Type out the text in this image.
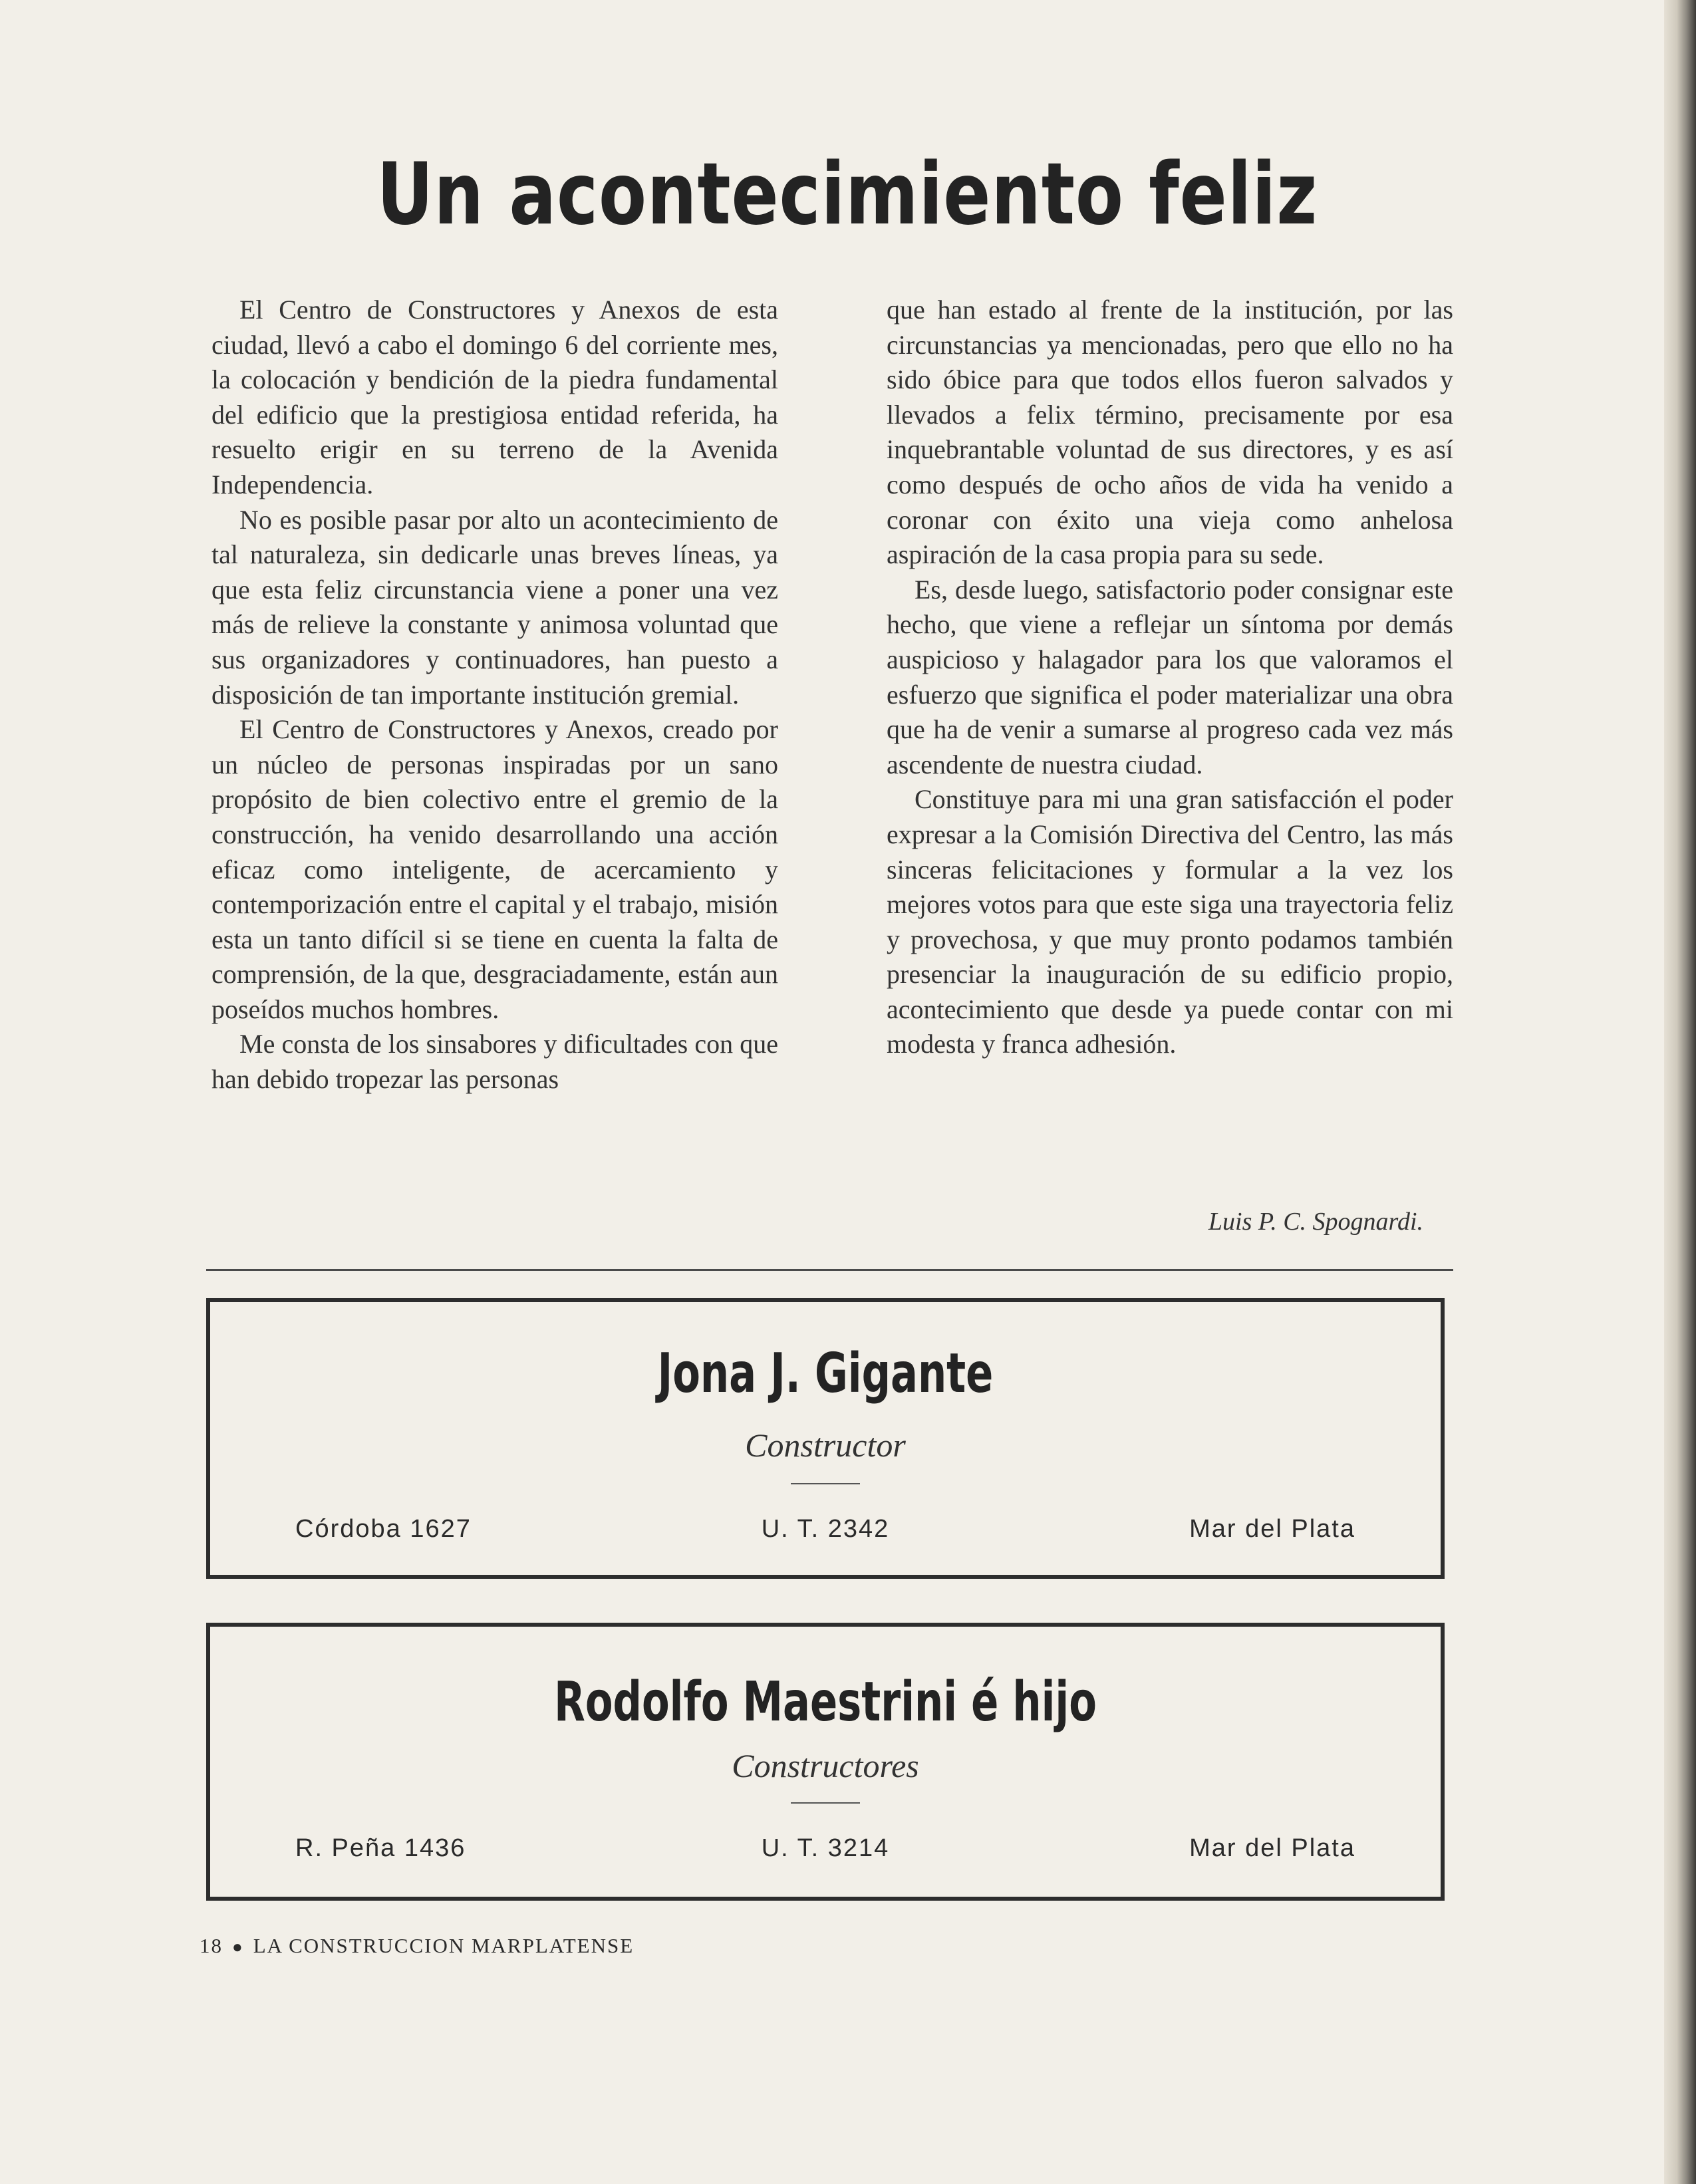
Un acontecimiento feliz

El Centro de Constructores y Anexos de esta ciudad, llevó a cabo el domingo 6 del corriente mes, la colocación y bendición de la piedra fundamental del edificio que la prestigiosa entidad referida, ha resuelto erigir en su terreno de la Avenida Independencia.

No es posible pasar por alto un acontecimiento de tal naturaleza, sin dedicarle unas breves líneas, ya que esta feliz circunstancia viene a poner una vez más de relieve la constante y animosa voluntad que sus organizadores y continuadores, han puesto a disposición de tan importante institución gremial.

El Centro de Constructores y Anexos, creado por un núcleo de personas inspiradas por un sano propósito de bien colectivo entre el gremio de la construcción, ha venido desarrollando una acción eficaz como inteligente, de acercamiento y contemporización entre el capital y el trabajo, misión esta un tanto difícil si se tiene en cuenta la falta de comprensión, de la que, desgraciadamente, están aun poseídos muchos hombres.

Me consta de los sinsabores y dificultades con que han debido tropezar las personas

que han estado al frente de la institución, por las circunstancias ya mencionadas, pero que ello no ha sido óbice para que todos ellos fueron salvados y llevados a felix término, precisamente por esa inquebrantable voluntad de sus directores, y es así como después de ocho años de vida ha venido a coronar con éxito una vieja como anhelosa aspiración de la casa propia para su sede.

Es, desde luego, satisfactorio poder consignar este hecho, que viene a reflejar un síntoma por demás auspicioso y halagador para los que valoramos el esfuerzo que significa el poder materializar una obra que ha de venir a sumarse al progreso cada vez más ascendente de nuestra ciudad.

Constituye para mi una gran satisfacción el poder expresar a la Comisión Directiva del Centro, las más sinceras felicitaciones y formular a la vez los mejores votos para que este siga una trayectoria feliz y provechosa, y que muy pronto podamos también presenciar la inauguración de su edificio propio, acontecimiento que desde ya puede contar con mi modesta y franca adhesión.

Luis P. C. Spognardi.
Jona J. Gigante
Constructor
Córdoba 1627	U. T. 2342	Mar del Plata
Rodolfo Maestrini é hijo
Constructores
R. Peña 1436	U. T. 3214	Mar del Plata
18 ● LA CONSTRUCCION MARPLATENSE
